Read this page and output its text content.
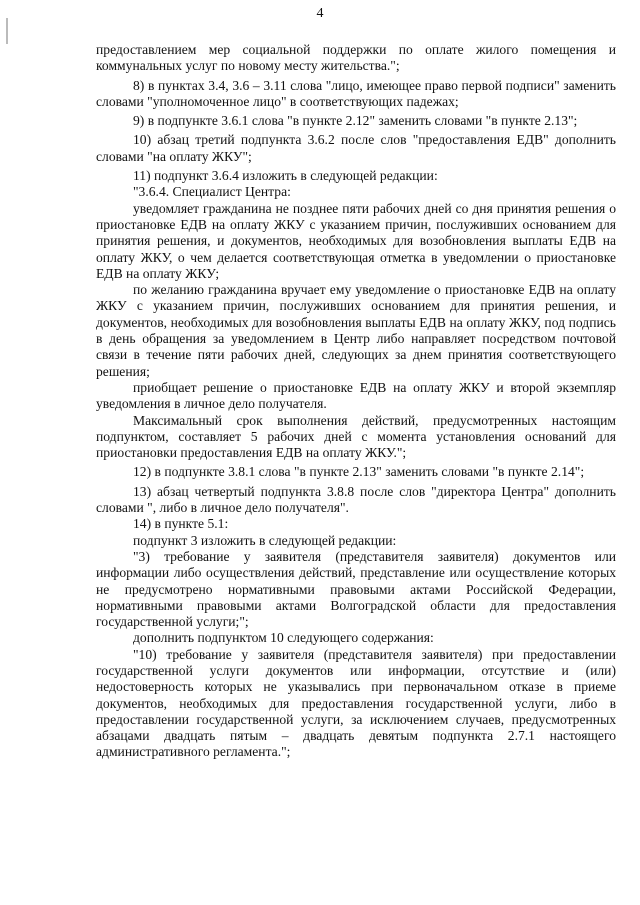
4

предоставлением мер социальной поддержки по оплате жилого помещения и коммунальных услуг по новому месту жительства.";

8) в пунктах 3.4, 3.6 – 3.11 слова "лицо, имеющее право первой подписи" заменить словами "уполномоченное лицо" в соответствующих падежах;

9) в подпункте 3.6.1 слова "в пункте 2.12" заменить словами "в пункте 2.13";

10) абзац третий подпункта 3.6.2 после слов "предоставления ЕДВ" дополнить словами "на оплату ЖКУ";

11) подпункт 3.6.4 изложить в следующей редакции:

"3.6.4. Специалист Центра:

уведомляет гражданина не позднее пяти рабочих дней со дня принятия решения о приостановке ЕДВ на оплату ЖКУ с указанием причин, послуживших основанием для принятия решения, и документов, необходимых для возобновления выплаты ЕДВ на оплату ЖКУ, о чем делается соответствующая отметка в уведомлении о приостановке ЕДВ на оплату ЖКУ;

по желанию гражданина вручает ему уведомление о приостановке ЕДВ на оплату ЖКУ с указанием причин, послуживших основанием для принятия решения, и документов, необходимых для возобновления выплаты ЕДВ на оплату ЖКУ, под подпись в день обращения за уведомлением в Центр либо направляет посредством почтовой связи в течение пяти рабочих дней, следующих за днем принятия соответствующего решения;

приобщает решение о приостановке ЕДВ на оплату ЖКУ и второй экземпляр уведомления в личное дело получателя.

Максимальный срок выполнения действий, предусмотренных настоящим подпунктом, составляет 5 рабочих дней с момента установления оснований для приостановки предоставления ЕДВ на оплату ЖКУ.";

12) в подпункте 3.8.1 слова "в пункте 2.13" заменить словами "в пункте 2.14";

13) абзац четвертый подпункта 3.8.8 после слов "директора Центра" дополнить словами ", либо в личное дело получателя".

14) в пункте 5.1:

подпункт 3 изложить в следующей редакции:

"3) требование у заявителя (представителя заявителя) документов или информации либо осуществления действий, представление или осуществление которых не предусмотрено нормативными правовыми актами Российской Федерации, нормативными правовыми актами Волгоградской области для предоставления государственной услуги;";

дополнить подпунктом 10 следующего содержания:

"10) требование у заявителя (представителя заявителя) при предоставлении государственной услуги документов или информации, отсутствие и (или) недостоверность которых не указывались при первоначальном отказе в приеме документов, необходимых для предоставления государственной услуги, либо в предоставлении государственной услуги, за исключением случаев, предусмотренных абзацами двадцать пятым – двадцать девятым подпункта 2.7.1 настоящего административного регламента.";
